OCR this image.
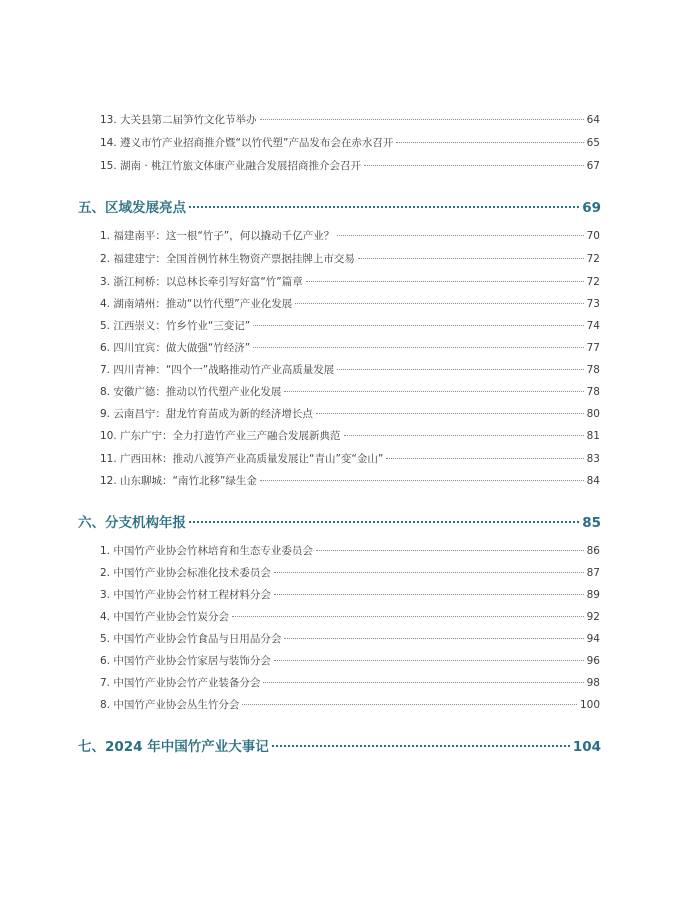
13. 大关县第二届笋竹文化节举办	64
14. 遵义市竹产业招商推介暨“以竹代塑”产品发布会在赤水召开	65
15. 湖南 · 桃江竹旅文体康产业融合发展招商推介会召开	67
五、区域发展亮点	69
1. 福建南平：这一根“竹子”，何以撬动千亿产业？	70
2. 福建建宁：全国首例竹林生物资产票据挂牌上市交易	72
3. 浙江柯桥：以总林长牵引写好富“竹”篇章	72
4. 湖南靖州：推动“以竹代塑”产业化发展	73
5. 江西崇义：竹乡竹业“三变记”	74
6. 四川宜宾：做大做强“竹经济”	77
7. 四川青神：“四个一”战略推动竹产业高质量发展	78
8. 安徽广德：推动以竹代塑产业化发展	78
9. 云南昌宁：甜龙竹育苗成为新的经济增长点	80
10. 广东广宁：全力打造竹产业三产融合发展新典范	81
11. 广西田林：推动八渡笋产业高质量发展让“青山”变“金山”	83
12. 山东聊城：“南竹北移”绿生金	84
六、分支机构年报	85
1. 中国竹产业协会竹林培育和生态专业委员会	86
2. 中国竹产业协会标准化技术委员会	87
3. 中国竹产业协会竹材工程材料分会	89
4. 中国竹产业协会竹炭分会	92
5. 中国竹产业协会竹食品与日用品分会	94
6. 中国竹产业协会竹家居与装饰分会	96
7. 中国竹产业协会竹产业装备分会	98
8. 中国竹产业协会丛生竹分会	100
七、2024 年中国竹产业大事记	104
